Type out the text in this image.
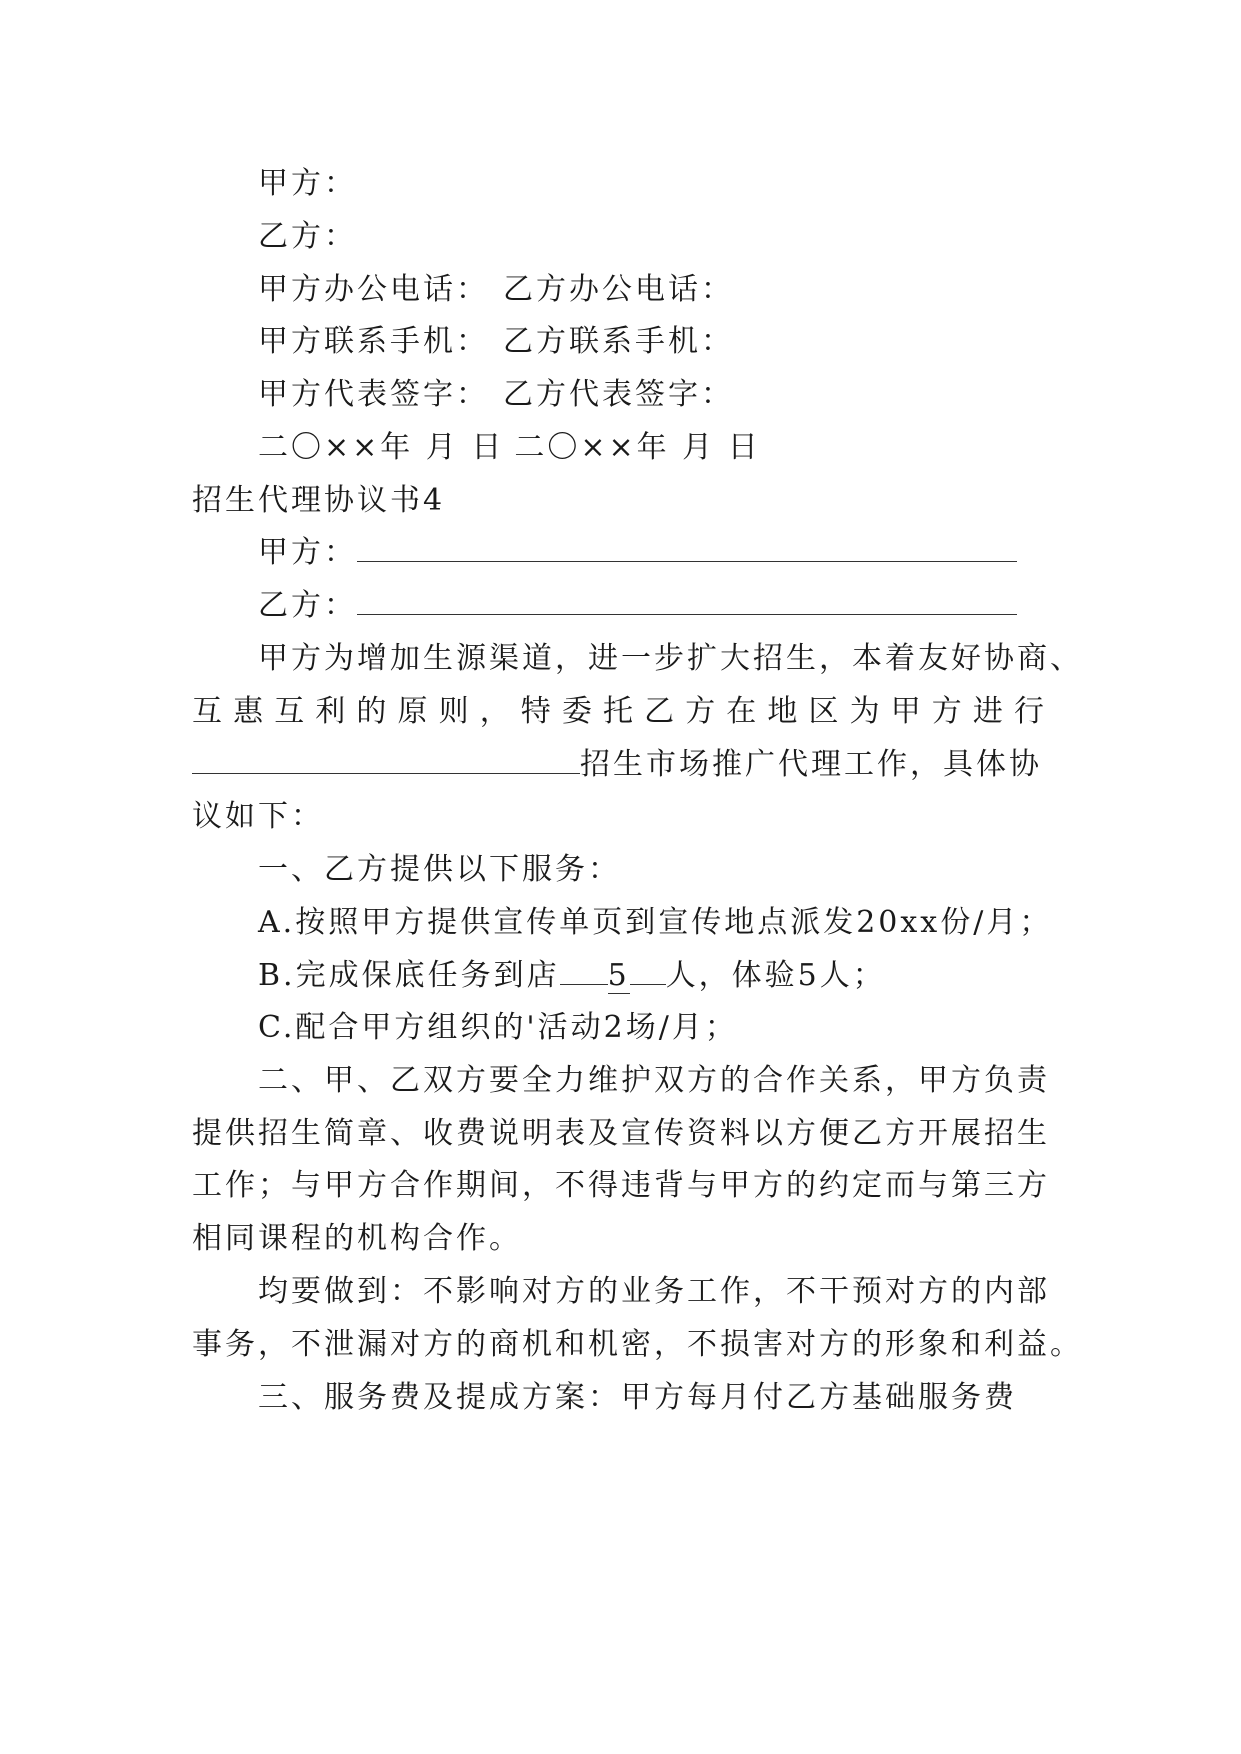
甲方：
乙方：
甲方办公电话： 乙方办公电话：
甲方联系手机： 乙方联系手机：
甲方代表签字： 乙方代表签字：
二〇××年 月 日 二〇××年 月 日
招生代理协议书4
甲方：
乙方：
甲方为增加生源渠道，进一步扩大招生，本着友好协商、
互惠互利的原则，特委托乙方在地区为甲方进行
招生市场推广代理工作，具体协
议如下：
一、乙方提供以下服务：
A.按照甲方提供宣传单页到宣传地点派发20xx份/月；
B.完成保底任务到店 5 人，体验5人；
C.配合甲方组织的'活动2场/月；
二、甲、乙双方要全力维护双方的合作关系，甲方负责
提供招生简章、收费说明表及宣传资料以方便乙方开展招生
工作；与甲方合作期间，不得违背与甲方的约定而与第三方
相同课程的机构合作。
均要做到：不影响对方的业务工作，不干预对方的内部
事务，不泄漏对方的商机和机密，不损害对方的形象和利益。
三、服务费及提成方案：甲方每月付乙方基础服务费
